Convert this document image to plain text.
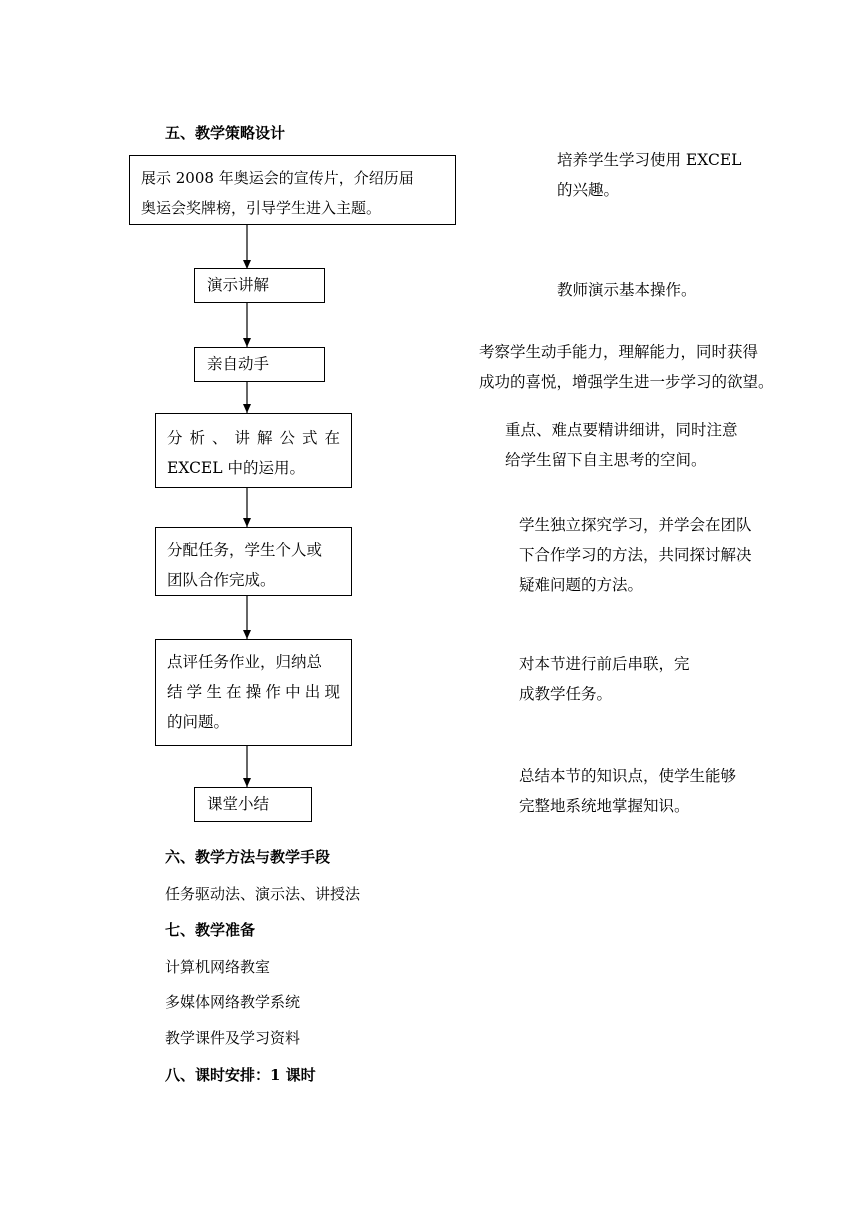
五、教学策略设计
展示 2008 年奥运会的宣传片，介绍历届
奥运会奖牌榜，引导学生进入主题。
培养学生学习使用 EXCEL
的兴趣。
演示讲解	教师演示基本操作。
亲自动手
考察学生动手能力，理解能力，同时获得
成功的喜悦，增强学生进一步学习的欲望。
分析、讲解公式在
EXCEL 中的运用。
重点、难点要精讲细讲，同时注意
给学生留下自主思考的空间。
分配任务，学生个人或
团队合作完成。
学生独立探究学习，并学会在团队
下合作学习的方法，共同探讨解决
疑难问题的方法。
点评任务作业，归纳总
结学生在操作中出现
的问题。
对本节进行前后串联，完
成教学任务。
课堂小结
总结本节的知识点，使学生能够
完整地系统地掌握知识。
六、教学方法与教学手段
任务驱动法、演示法、讲授法
七、教学准备
计算机网络教室
多媒体网络教学系统
教学课件及学习资料
八、课时安排：1 课时
